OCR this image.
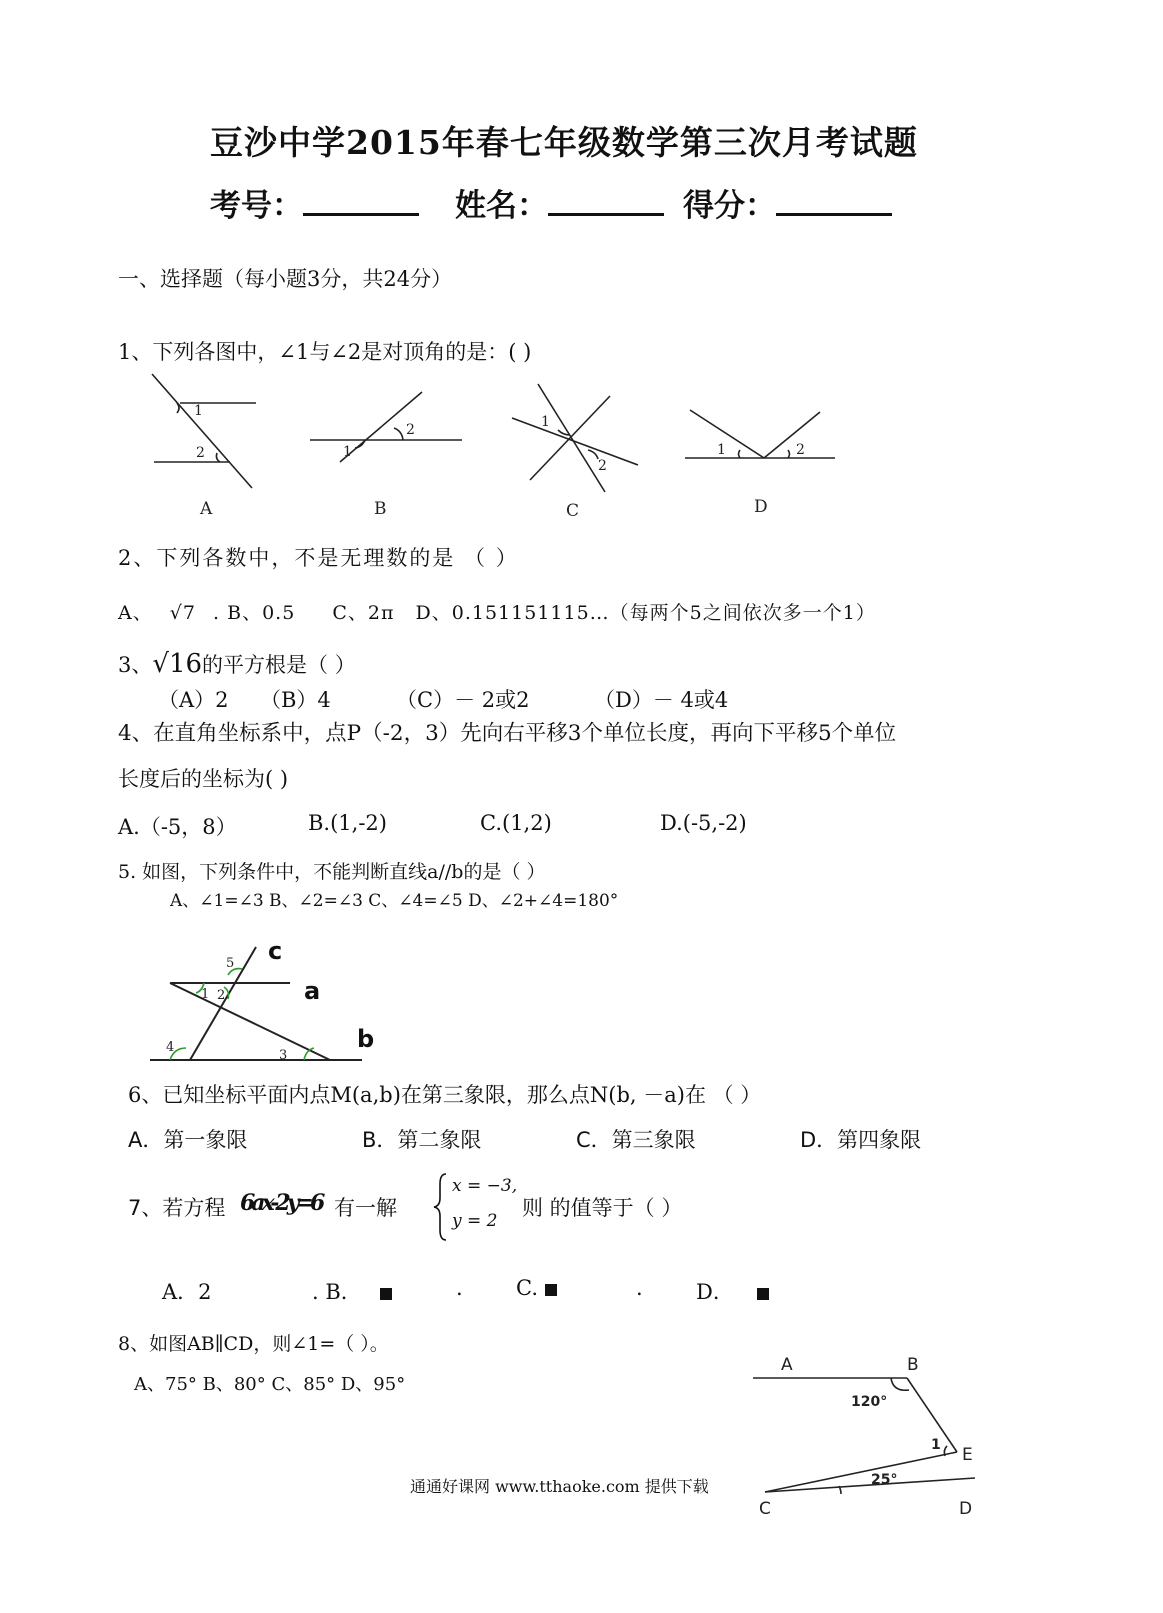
豆沙中学2015年春七年级数学第三次月考试题
考号：	姓名：	得分：
一、选择题（每小题3分，共24分）
1、下列各图中，∠1与∠2是对顶角的是：( )
1
2	1
2	1
2
1	2
A	B	C	D
2、下列各数中，不是无理数的是 （ ）
A、 √7 . B、0.5 C、2π D、0.151151115…（每两个5之间依次多一个1）
3、√16的平方根是（ ）
（A）2 （B）4	（C）－ 2或2	（D）－ 4或4
4、在直角坐标系中，点P（-2，3）先向右平移3个单位长度，再向下平移5个单位
长度后的坐标为( )
A.（-5，8）	B.(1,-2)	C.(1,2)	D.(-5,-2)
5. 如图，下列条件中，不能判断直线a//b的是（ ）
A、∠1=∠3 B、∠2=∠3 C、∠4=∠5 D、∠2+∠4=180°
5
1 2
4
3
c
a
b
6、已知坐标平面内点M(a,b)在第三象限，那么点N(b, －a)在 （ ）
A．第一象限	B．第二象限	C．第三象限	D．第四象限
7、若方程 6ax-2y=6 有一解
x = −3,
y = 2
则 的值等于（ ）
A．2	. B．	.	C.	.	D．
8、如图AB∥CD，则∠1=（ ）。
A、75° B、80° C、85° D、95°
A	B
E
C	D
120°
25°
1
通通好课网 www.tthaoke.com 提供下载
